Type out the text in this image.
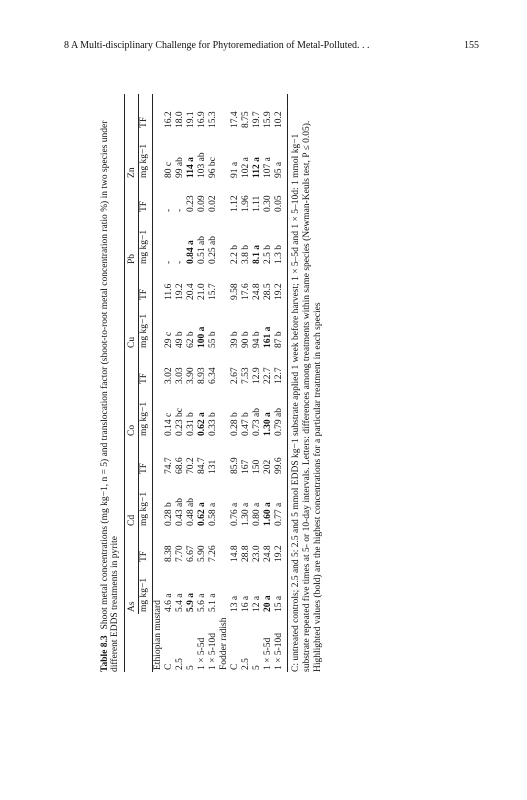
8 A Multi-disciplinary Challenge for Phytoremediation of Metal-Polluted. . .	155
Table 8.3Shoot metal concentrations (mg kg−1, n = 5) and translocation factor (shoot-to-root metal concentration ratio %) in two species under different EDDS treatments in pyrite
	As		Cd		Co		Cu		Pb		Zn	
	mg kg−1	TF	mg kg−1	TF	mg kg−1	TF	mg kg−1	TF	mg kg−1	TF	mg kg−1	TF
Ethiopian mustard												
C	4.6 a	8.38	0.28 b	74.7	0.14 c	3.02	29 c	11.6	-	-	80 c	16.2
2.5	5.4 a	7.70	0.43 ab	68.6	0.23 bc	3.03	49 b	19.2	-	-	99 ab	18.0
5	5.9 a	6.67	0.48 ab	70.2	0.31 b	3.90	62 b	20.4	0.84 a	0.23	114 a	19.1
1 × 5-5d	5.6 a	5.90	0.62 a	84.7	0.62 a	8.93	100 a	21.0	0.51 ab	0.09	103 ab	16.9
1 × 5-10d	5.1 a	7.26	0.58 a	131	0.33 b	6.34	55 b	15.7	0.25 ab	0.02	96 bc	15.3
Fodder radish												
C	13 a	14.8	0.76 a	85.9	0.28 b	2.67	39 b	9.58	2.2 b	1.12	91 a	17.4
2.5	16 a	28.8	1.30 a	167	0.47 b	7.53	90 b	17.6	3.8 b	1.96	102 a	8.75
5	12 a	23.0	0.80 a	150	0.73 ab	12.9	94 b	24.8	8.1 a	1.11	112 a	19.7
1 × 5-5d	20 a	24.8	1.60 a	202	1.30 a	22.7	161 a	28.5	2.5 b	0.30	107 a	15.9
1 × 5-10d	15 a	19.2	0.77 a	99.6	0.79 ab	12.7	87 b	19.2	1.3 b	0.05	95 a	10.2
C: untreated controls; 2.5 and 5: 2.5 and 5 mmol EDDS kg−1 substrate applied 1 week before harvest; 1 × 5–5d and 1 × 5–10d: 1 mmol kg−1 substrate repeated five times at 5- or 10-day intervals. Letters: differences among treatments within same species (Newman-Keuls test, P ≤ 0.05). Highlighted values (bold) are the highest concentrations for a particular treatment in each species
